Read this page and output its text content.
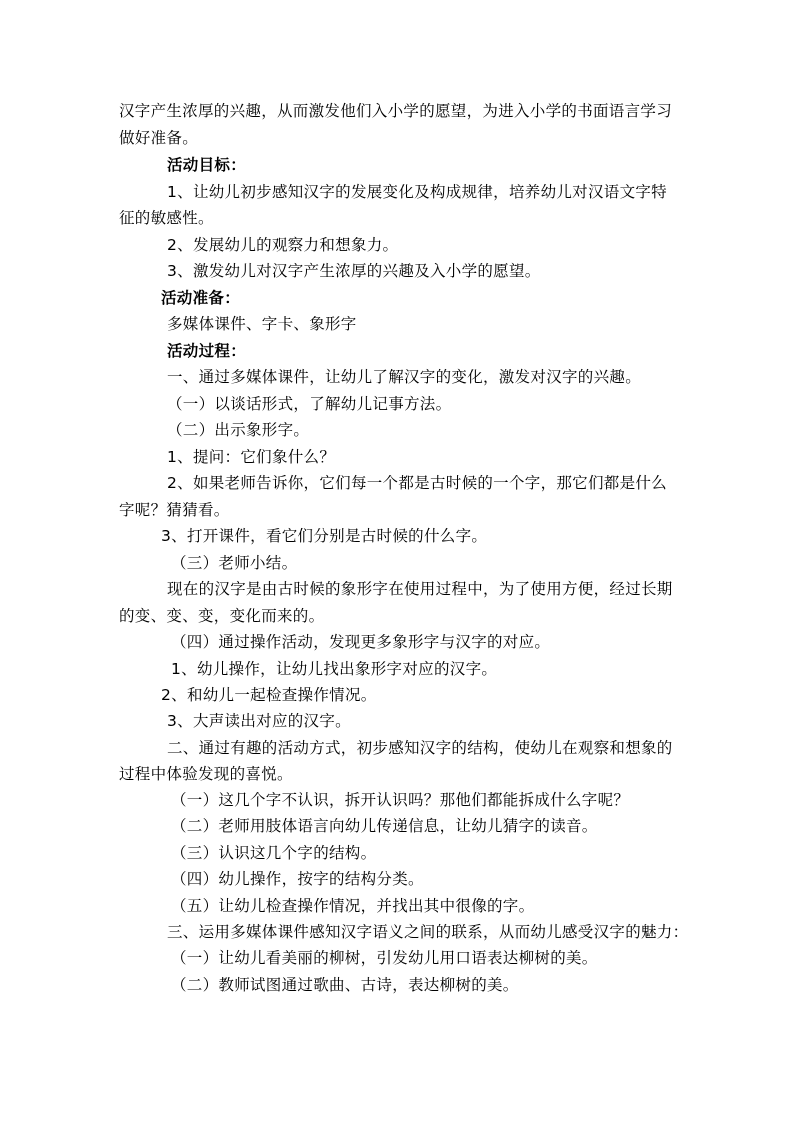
汉字产生浓厚的兴趣，从而激发他们入小学的愿望，为进入小学的书面语言学习
做好准备。
活动目标：
1、让幼儿初步感知汉字的发展变化及构成规律，培养幼儿对汉语文字特
征的敏感性。
2、发展幼儿的观察力和想象力。
3、激发幼儿对汉字产生浓厚的兴趣及入小学的愿望。
活动准备：
多媒体课件、字卡、象形字
活动过程：
一、通过多媒体课件，让幼儿了解汉字的变化，激发对汉字的兴趣。
（一）以谈话形式，了解幼儿记事方法。
（二）出示象形字。
1、提问：它们象什么？
2、如果老师告诉你，它们每一个都是古时候的一个字，那它们都是什么
字呢？猜猜看。
3、打开课件，看它们分别是古时候的什么字。
（三）老师小结。
现在的汉字是由古时候的象形字在使用过程中，为了使用方便，经过长期
的变、变、变，变化而来的。
（四）通过操作活动，发现更多象形字与汉字的对应。
1、幼儿操作，让幼儿找出象形字对应的汉字。
2、和幼儿一起检查操作情况。
3、大声读出对应的汉字。
二、通过有趣的活动方式，初步感知汉字的结构，使幼儿在观察和想象的
过程中体验发现的喜悦。
（一）这几个字不认识，拆开认识吗？那他们都能拆成什么字呢？
（二）老师用肢体语言向幼儿传递信息，让幼儿猜字的读音。
（三）认识这几个字的结构。
（四）幼儿操作，按字的结构分类。
（五）让幼儿检查操作情况，并找出其中很像的字。
三、运用多媒体课件感知汉字语义之间的联系，从而幼儿感受汉字的魅力：
（一）让幼儿看美丽的柳树，引发幼儿用口语表达柳树的美。
（二）教师试图通过歌曲、古诗，表达柳树的美。
